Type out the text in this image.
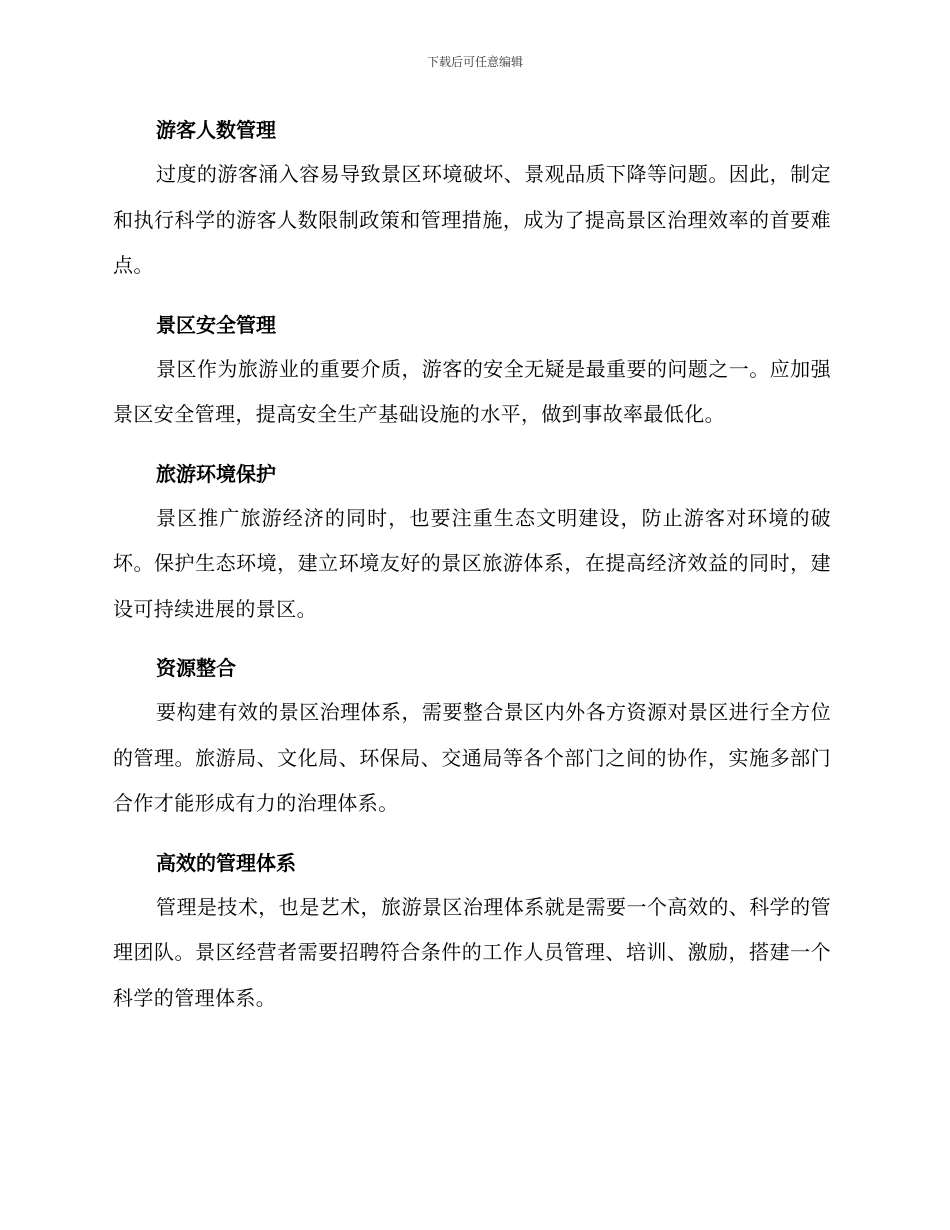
下载后可任意编辑
游客人数管理

过度的游客涌入容易导致景区环境破坏、景观品质下降等问题。因此，制定和执行科学的游客人数限制政策和管理措施，成为了提高景区治理效率的首要难点。

景区安全管理

景区作为旅游业的重要介质，游客的安全无疑是最重要的问题之一。应加强景区安全管理，提高安全生产基础设施的水平，做到事故率最低化。

旅游环境保护

景区推广旅游经济的同时，也要注重生态文明建设，防止游客对环境的破坏。保护生态环境，建立环境友好的景区旅游体系，在提高经济效益的同时，建设可持续进展的景区。

资源整合

要构建有效的景区治理体系，需要整合景区内外各方资源对景区进行全方位的管理。旅游局、文化局、环保局、交通局等各个部门之间的协作，实施多部门合作才能形成有力的治理体系。

高效的管理体系

管理是技术，也是艺术，旅游景区治理体系就是需要一个高效的、科学的管理团队。景区经营者需要招聘符合条件的工作人员管理、培训、激励，搭建一个科学的管理体系。
